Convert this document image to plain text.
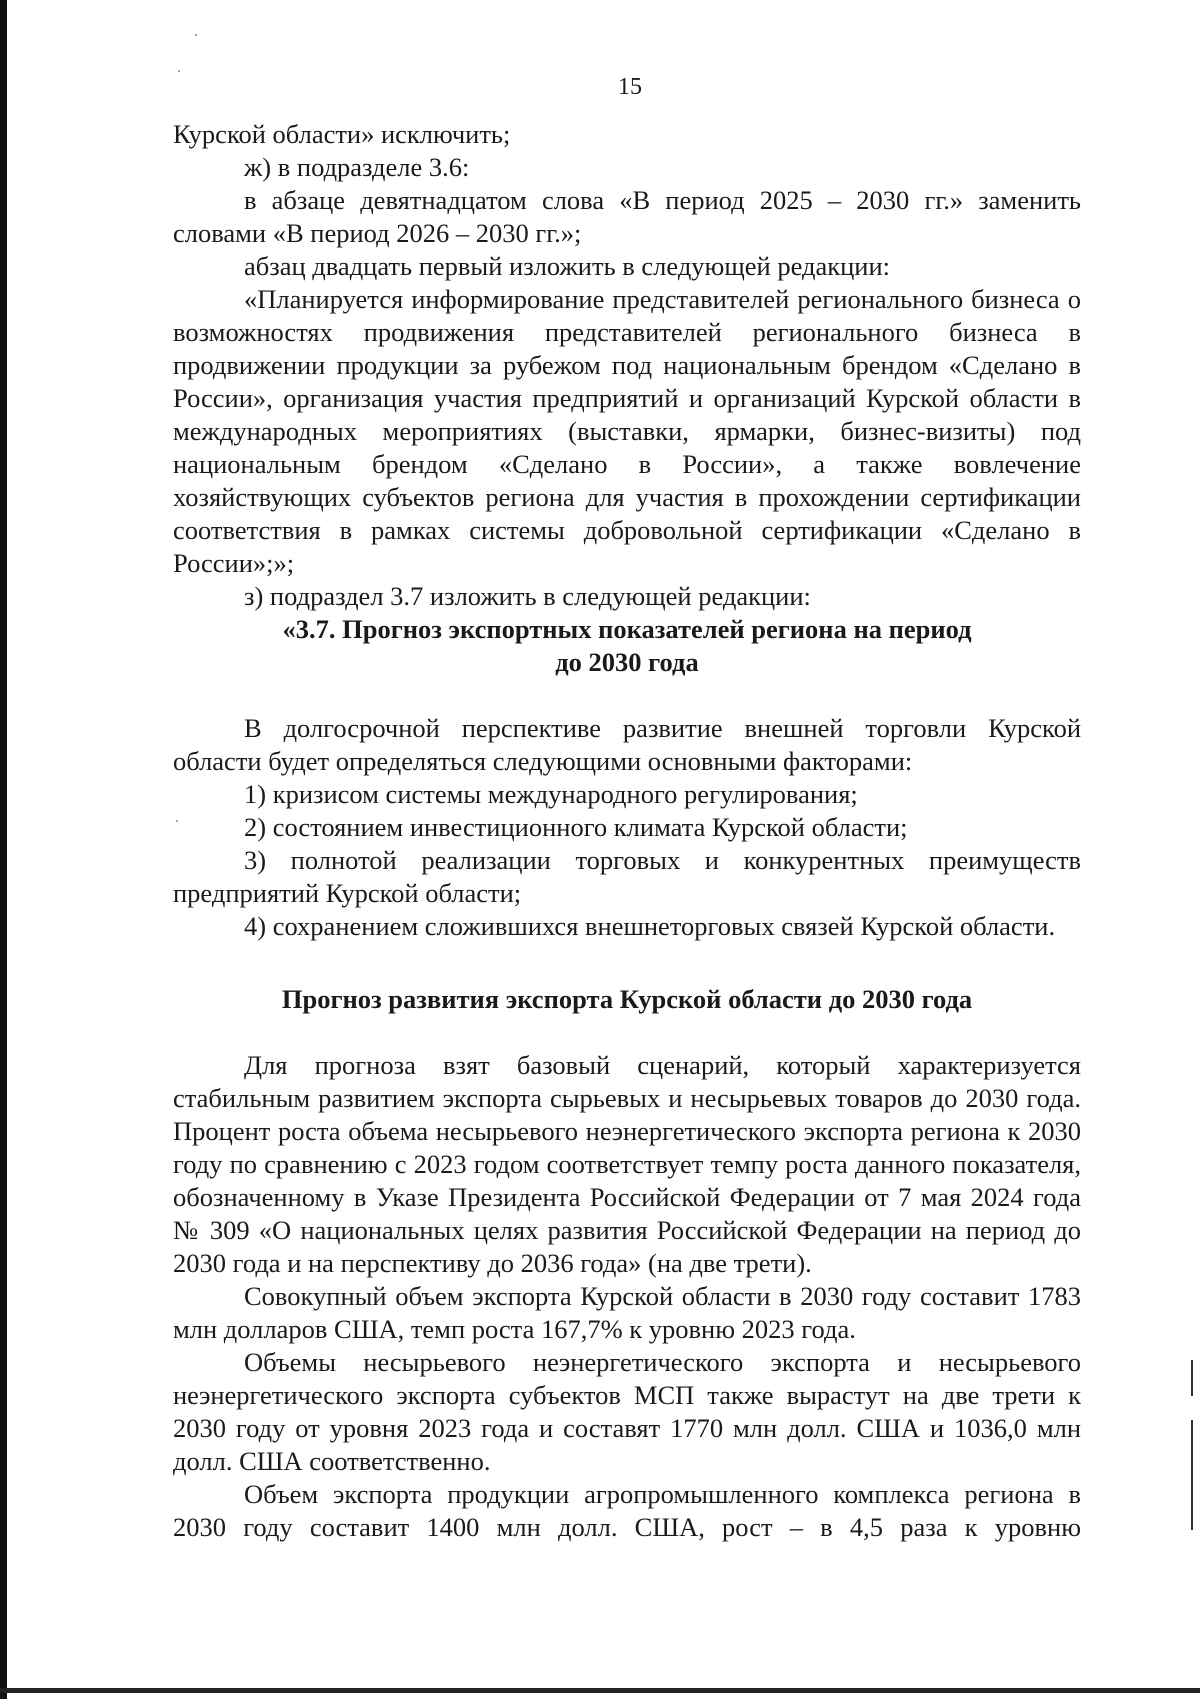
15

Курской области» исключить;

ж) в подразделе 3.6:

в абзаце девятнадцатом слова «В период 2025 – 2030 гг.» заменить словами «В период 2026 – 2030 гг.»;

абзац двадцать первый изложить в следующей редакции:

«Планируется информирование представителей регионального бизнеса о возможностях продвижения представителей регионального бизнеса в продвижении продукции за рубежом под национальным брендом «Сделано в России», организация участия предприятий и организаций Курской области в международных мероприятиях (выставки, ярмарки, бизнес-визиты) под национальным брендом «Сделано в России», а также вовлечение хозяйствующих субъектов региона для участия в прохождении сертификации соответствия в рамках системы добровольной сертификации «Сделано в России»;»;

з) подраздел 3.7 изложить в следующей редакции:

«3.7. Прогноз экспортных показателей региона на период

до 2030 года

В долгосрочной перспективе развитие внешней торговли Курской области будет определяться следующими основными факторами:

1) кризисом системы международного регулирования;

2) состоянием инвестиционного климата Курской области;

3) полнотой реализации торговых и конкурентных преимуществ предприятий Курской области;

4) сохранением сложившихся внешнеторговых связей Курской области.

Прогноз развития экспорта Курской области до 2030 года

Для прогноза взят базовый сценарий, который характеризуется стабильным развитием экспорта сырьевых и несырьевых товаров до 2030 года. Процент роста объема несырьевого неэнергетического экспорта региона к 2030 году по сравнению с 2023 годом соответствует темпу роста данного показателя, обозначенному в Указе Президента Российской Федерации от 7 мая 2024 года № 309 «О национальных целях развития Российской Федерации на период до 2030 года и на перспективу до 2036 года» (на две трети).

Совокупный объем экспорта Курской области в 2030 году составит 1783 млн долларов США, темп роста 167,7% к уровню 2023 года.

Объемы несырьевого неэнергетического экспорта и несырьевого неэнергетического экспорта субъектов МСП также вырастут на две трети к 2030 году от уровня 2023 года и составят 1770 млн долл. США и 1036,0 млн долл. США соответственно.

Объем экспорта продукции агропромышленного комплекса региона в 2030 году составит 1400 млн долл. США, рост – в 4,5 раза к уровню
